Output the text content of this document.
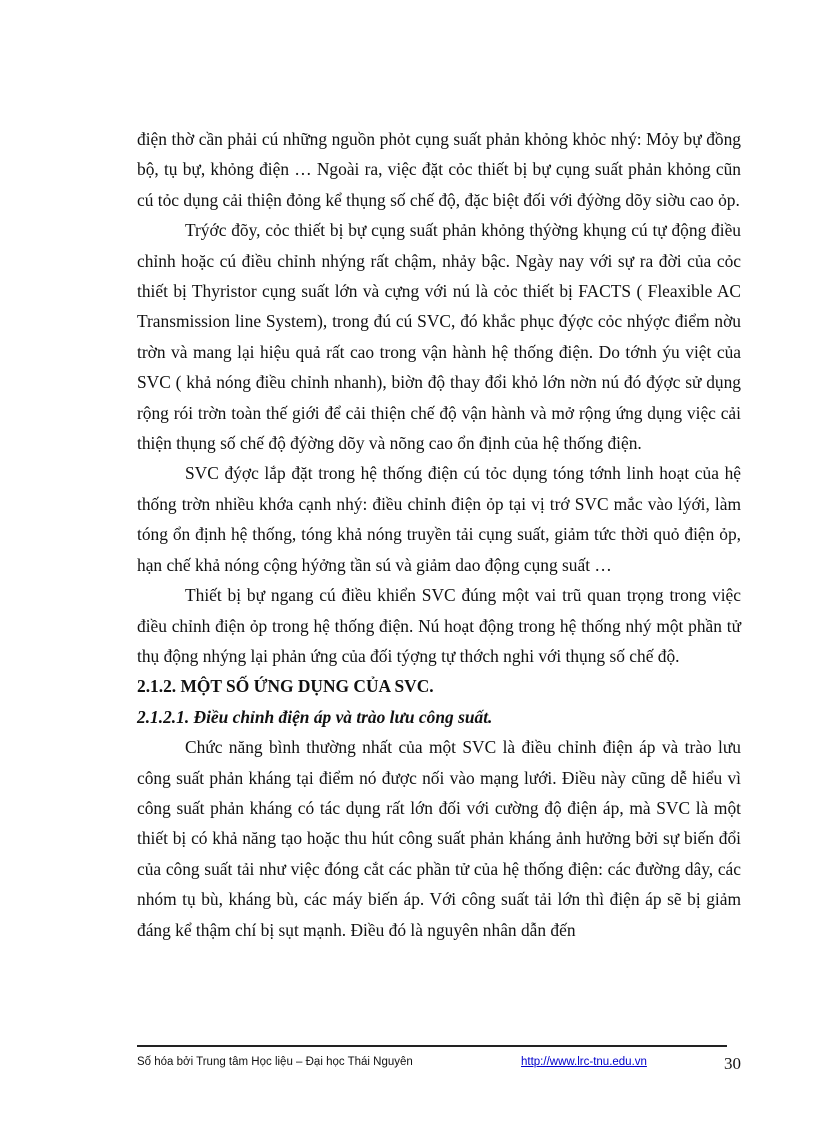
điện thờ cần phải cú những nguồn phỏt cụng suất phản khỏng khỏc nhý: Mỏy bự đồng bộ, tụ bự, khỏng điện … Ngoài ra, việc đặt cỏc thiết bị bự cụng suất phản khỏng cũn cú tỏc dụng cải thiện đỏng kể thụng số chế độ, đặc biệt đối với đýờng dõy siờu cao ỏp.

Trýớc đõy, cỏc thiết bị bự cụng suất phản khỏng thýờng khụng cú tự động điều chỉnh hoặc cú điều chỉnh nhýng rất chậm, nhảy bậc. Ngày nay với sự ra đời của cỏc thiết bị Thyristor cụng suất lớn và cựng với nú là cỏc thiết bị FACTS ( Fleaxible AC Transmission line System), trong đú cú SVC, đó khắc phục đýợc cỏc nhýợc điểm nờu trờn và mang lại hiệu quả rất cao trong vận hành hệ thống điện. Do tớnh ýu việt của SVC ( khả nóng điều chỉnh nhanh), biờn độ thay đổi khỏ lớn nờn nú đó đýợc sử dụng rộng rói trờn toàn thế giới để cải thiện chế độ vận hành và mở rộng ứng dụng việc cải thiện thụng số chế độ đýờng dõy và nõng cao ổn định của hệ thống điện.

SVC đýợc lắp đặt trong hệ thống điện cú tỏc dụng tóng tớnh linh hoạt của hệ thống trờn nhiều khớa cạnh nhý: điều chỉnh điện ỏp tại vị trớ SVC mắc vào lýới, làm tóng ổn định hệ thống, tóng khả nóng truyền tải cụng suất, giảm tức thời quỏ điện ỏp, hạn chế khả nóng cộng hýởng tần sú và giảm dao động cụng suất …

Thiết bị bự ngang cú điều khiển SVC đúng một vai trũ quan trọng trong việc điều chỉnh điện ỏp trong hệ thống điện. Nú hoạt động trong hệ thống nhý một phần tử thụ động nhýng lại phản ứng của đối týợng tự thớch nghi với thụng số chế độ.

2.1.2. MỘT SỐ ỨNG DỤNG CỦA SVC.

2.1.2.1. Điều chỉnh điện áp và trào lưu công suất.

Chức năng bình thường nhất của một SVC là điều chỉnh điện áp và trào lưu công suất phản kháng tại điểm nó được nối vào mạng lưới. Điều này cũng dễ hiểu vì công suất phản kháng có tác dụng rất lớn đối với cường độ điện áp, mà SVC là một thiết bị có khả năng tạo hoặc thu hút công suất phản kháng ảnh hưởng bởi sự biến đổi của công suất tải như việc đóng cắt các phần tử của hệ thống điện: các đường dây, các nhóm tụ bù, kháng bù, các máy biến áp. Với công suất tải lớn thì điện áp sẽ bị giảm đáng kể thậm chí bị sụt mạnh. Điều đó là nguyên nhân dẫn đến

Số hóa bởi Trung tâm Học liệu – Đại học Thái Nguyên	http://www.lrc-tnu.edu.vn	30
